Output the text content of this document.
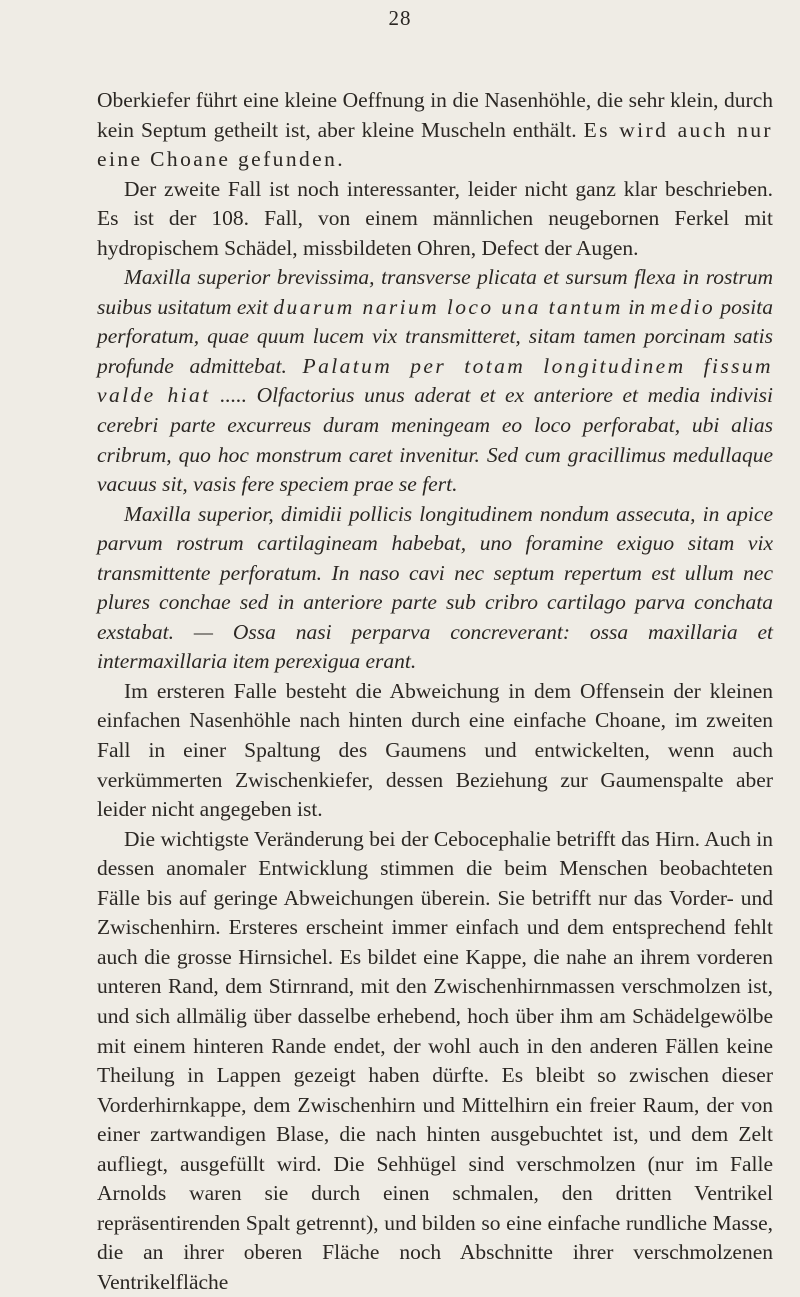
28

Oberkiefer führt eine kleine Oeffnung in die Nasenhöhle, die sehr klein, durch kein Septum getheilt ist, aber kleine Muscheln enthält. Es wird auch nur eine Choane gefunden.

Der zweite Fall ist noch interessanter, leider nicht ganz klar beschrieben. Es ist der 108. Fall, von einem männlichen neugebornen Ferkel mit hydropischem Schädel, missbildeten Ohren, Defect der Augen.

Maxilla superior brevissima, transverse plicata et sursum flexa in rostrum suibus usitatum exit duarum narium loco una tantum in medio posita perforatum, quae quum lucem vix transmitteret, sitam tamen porcinam satis profunde admittebat. Palatum per totam longitudinem fissum valde hiat ..... Olfactorius unus aderat et ex anteriore et media indivisi cerebri parte excurreus duram meningeam eo loco perforabat, ubi alias cribrum, quo hoc monstrum caret invenitur. Sed cum gracillimus medullaque vacuus sit, vasis fere speciem prae se fert.

Maxilla superior, dimidii pollicis longitudinem nondum assecuta, in apice parvum rostrum cartilagineam habebat, uno foramine exiguo sitam vix transmittente perforatum. In naso cavi nec septum repertum est ullum nec plures conchae sed in anteriore parte sub cribro cartilago parva conchata exstabat. — Ossa nasi perparva concreverant: ossa maxillaria et intermaxillaria item perexigua erant.

Im ersteren Falle besteht die Abweichung in dem Offensein der kleinen einfachen Nasenhöhle nach hinten durch eine einfache Choane, im zweiten Fall in einer Spaltung des Gaumens und entwickelten, wenn auch verkümmerten Zwischenkiefer, dessen Beziehung zur Gaumenspalte aber leider nicht angegeben ist.

Die wichtigste Veränderung bei der Cebocephalie betrifft das Hirn. Auch in dessen anomaler Entwicklung stimmen die beim Menschen beobachteten Fälle bis auf geringe Abweichungen überein. Sie betrifft nur das Vorder- und Zwischenhirn. Ersteres erscheint immer einfach und dem entsprechend fehlt auch die grosse Hirnsichel. Es bildet eine Kappe, die nahe an ihrem vorderen unteren Rand, dem Stirnrand, mit den Zwischenhirnmassen verschmolzen ist, und sich allmälig über dasselbe erhebend, hoch über ihm am Schädelgewölbe mit einem hinteren Rande endet, der wohl auch in den anderen Fällen keine Theilung in Lappen gezeigt haben dürfte. Es bleibt so zwischen dieser Vorderhirnkappe, dem Zwischenhirn und Mittelhirn ein freier Raum, der von einer zartwandigen Blase, die nach hinten ausgebuchtet ist, und dem Zelt aufliegt, ausgefüllt wird. Die Sehhügel sind verschmolzen (nur im Falle Arnolds waren sie durch einen schmalen, den dritten Ventrikel repräsentirenden Spalt getrennt), und bilden so eine einfache rundliche Masse, die an ihrer oberen Fläche noch Abschnitte ihrer verschmolzenen Ventrikelfläche
